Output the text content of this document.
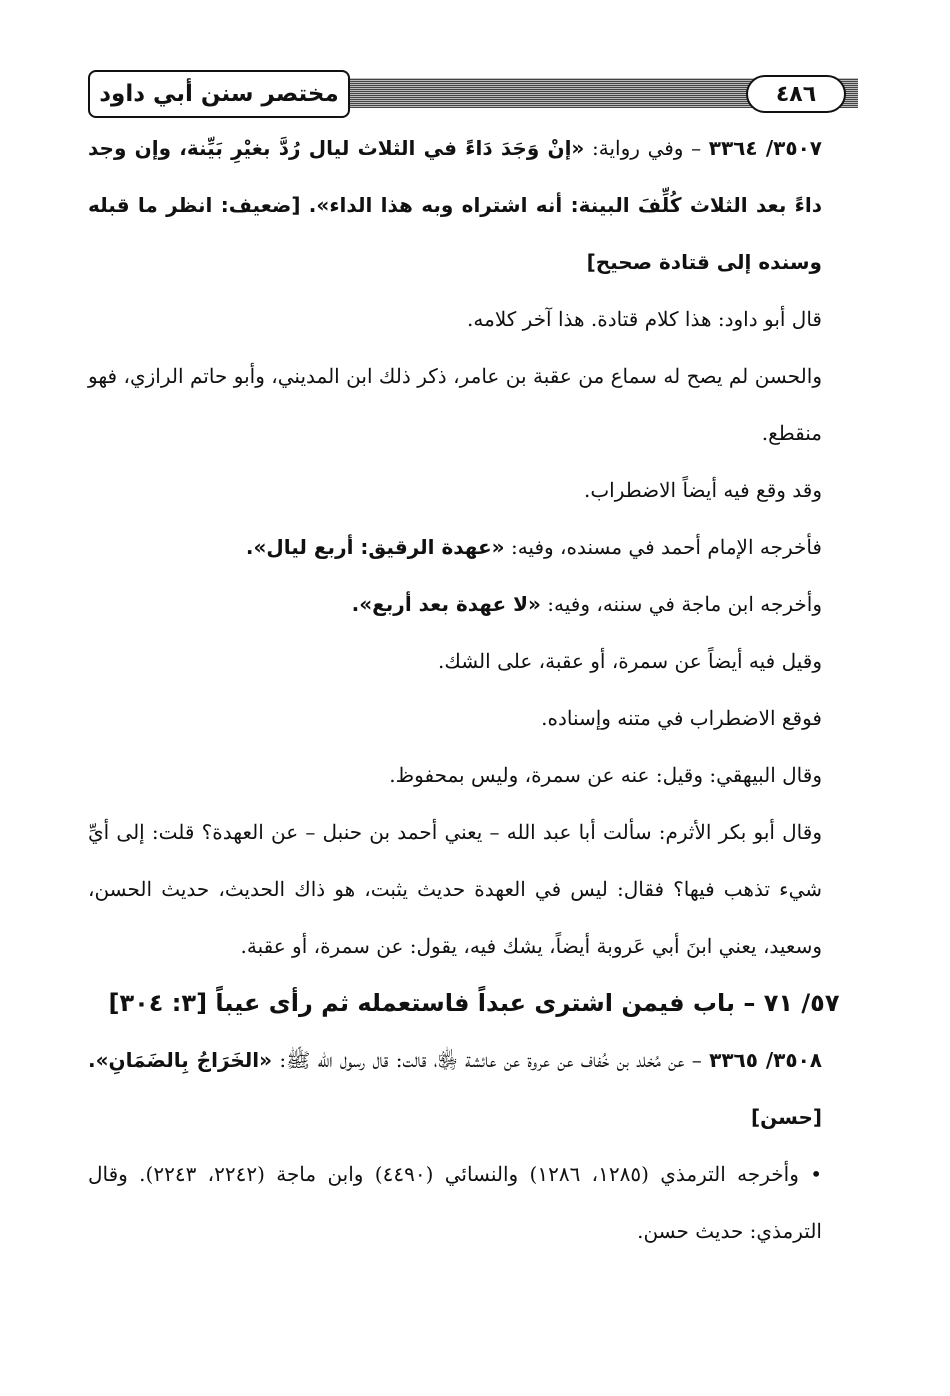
مختصر سنن أبي داود	٤٨٦

٣٥٠٧/ ٣٣٦٤ – وفي رواية: «إنْ وَجَدَ دَاءً في الثلاث ليال رُدَّ بغيْرِ بَيِّنة، وإن وجد داءً بعد الثلاث كُلِّفَ البينة: أنه اشتراه وبه هذا الداء». [ضعيف: انظر ما قبله وسنده إلى قتادة صحيح]

قال أبو داود: هذا كلام قتادة. هذا آخر كلامه.

والحسن لم يصح له سماع من عقبة بن عامر، ذكر ذلك ابن المديني، وأبو حاتم الرازي، فهو منقطع.

وقد وقع فيه أيضاً الاضطراب.

فأخرجه الإمام أحمد في مسنده، وفيه: «عهدة الرقيق: أربع ليال».

وأخرجه ابن ماجة في سننه، وفيه: «لا عهدة بعد أربع».

وقيل فيه أيضاً عن سمرة، أو عقبة، على الشك.

فوقع الاضطراب في متنه وإسناده.

وقال البيهقي: وقيل: عنه عن سمرة، وليس بمحفوظ.

وقال أبو بكر الأثرم: سألت أبا عبد الله – يعني أحمد بن حنبل – عن العهدة؟ قلت: إلى أيِّ شيء تذهب فيها؟ فقال: ليس في العهدة حديث يثبت، هو ذاك الحديث، حديث الحسن، وسعيد، يعني ابنَ أبي عَروبة أيضاً، يشك فيه، يقول: عن سمرة، أو عقبة.

٥٧/ ٧١ – باب فيمن اشترى عبداً فاستعمله ثم رأى عيباً [٣: ٣٠٤]

٣٥٠٨/ ٣٣٦٥ – عن مُخلد بن خُفاف عن عروة عن عائشة ﵂، قالت: قال رسول الله ﷺ: «الخَرَاجُ بِالضَمَانِ». [حسن]

• وأخرجه الترمذي (١٢٨٥، ١٢٨٦) والنسائي (٤٤٩٠) وابن ماجة (٢٢٤٢، ٢٢٤٣). وقال الترمذي: حديث حسن.
